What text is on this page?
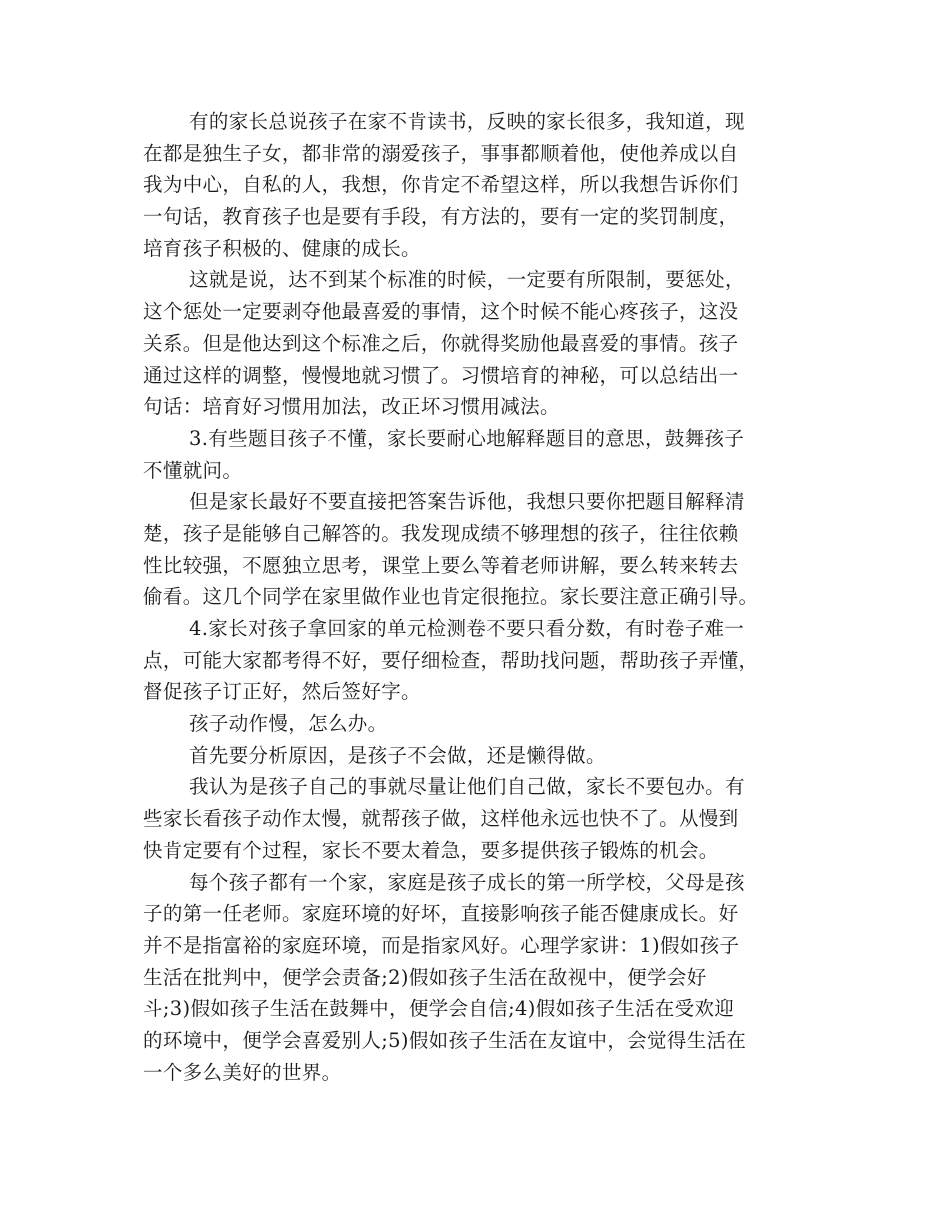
有的家长总说孩子在家不肯读书，反映的家长很多，我知道，现
在都是独生子女，都非常的溺爱孩子，事事都顺着他，使他养成以自
我为中心，自私的人，我想，你肯定不希望这样，所以我想告诉你们
一句话，教育孩子也是要有手段，有方法的，要有一定的奖罚制度，
培育孩子积极的、健康的成长。
这就是说，达不到某个标准的时候，一定要有所限制，要惩处，
这个惩处一定要剥夺他最喜爱的事情，这个时候不能心疼孩子，这没
关系。但是他达到这个标准之后，你就得奖励他最喜爱的事情。孩子
通过这样的调整，慢慢地就习惯了。习惯培育的神秘，可以总结出一
句话：培育好习惯用加法，改正坏习惯用减法。
3.有些题目孩子不懂，家长要耐心地解释题目的意思，鼓舞孩子
不懂就问。
但是家长最好不要直接把答案告诉他，我想只要你把题目解释清
楚，孩子是能够自己解答的。我发现成绩不够理想的孩子，往往依赖
性比较强，不愿独立思考，课堂上要么等着老师讲解，要么转来转去
偷看。这几个同学在家里做作业也肯定很拖拉。家长要注意正确引导。
4.家长对孩子拿回家的单元检测卷不要只看分数，有时卷子难一
点，可能大家都考得不好，要仔细检查，帮助找问题，帮助孩子弄懂，
督促孩子订正好，然后签好字。
孩子动作慢，怎么办。
首先要分析原因，是孩子不会做，还是懒得做。
我认为是孩子自己的事就尽量让他们自己做，家长不要包办。有
些家长看孩子动作太慢，就帮孩子做，这样他永远也快不了。从慢到
快肯定要有个过程，家长不要太着急，要多提供孩子锻炼的机会。
每个孩子都有一个家，家庭是孩子成长的第一所学校，父母是孩
子的第一任老师。家庭环境的好坏，直接影响孩子能否健康成长。好
并不是指富裕的家庭环境，而是指家风好。心理学家讲：1)假如孩子
生活在批判中，便学会责备;2)假如孩子生活在敌视中，便学会好
斗;3)假如孩子生活在鼓舞中，便学会自信;4)假如孩子生活在受欢迎
的环境中，便学会喜爱别人;5)假如孩子生活在友谊中，会觉得生活在
一个多么美好的世界。
